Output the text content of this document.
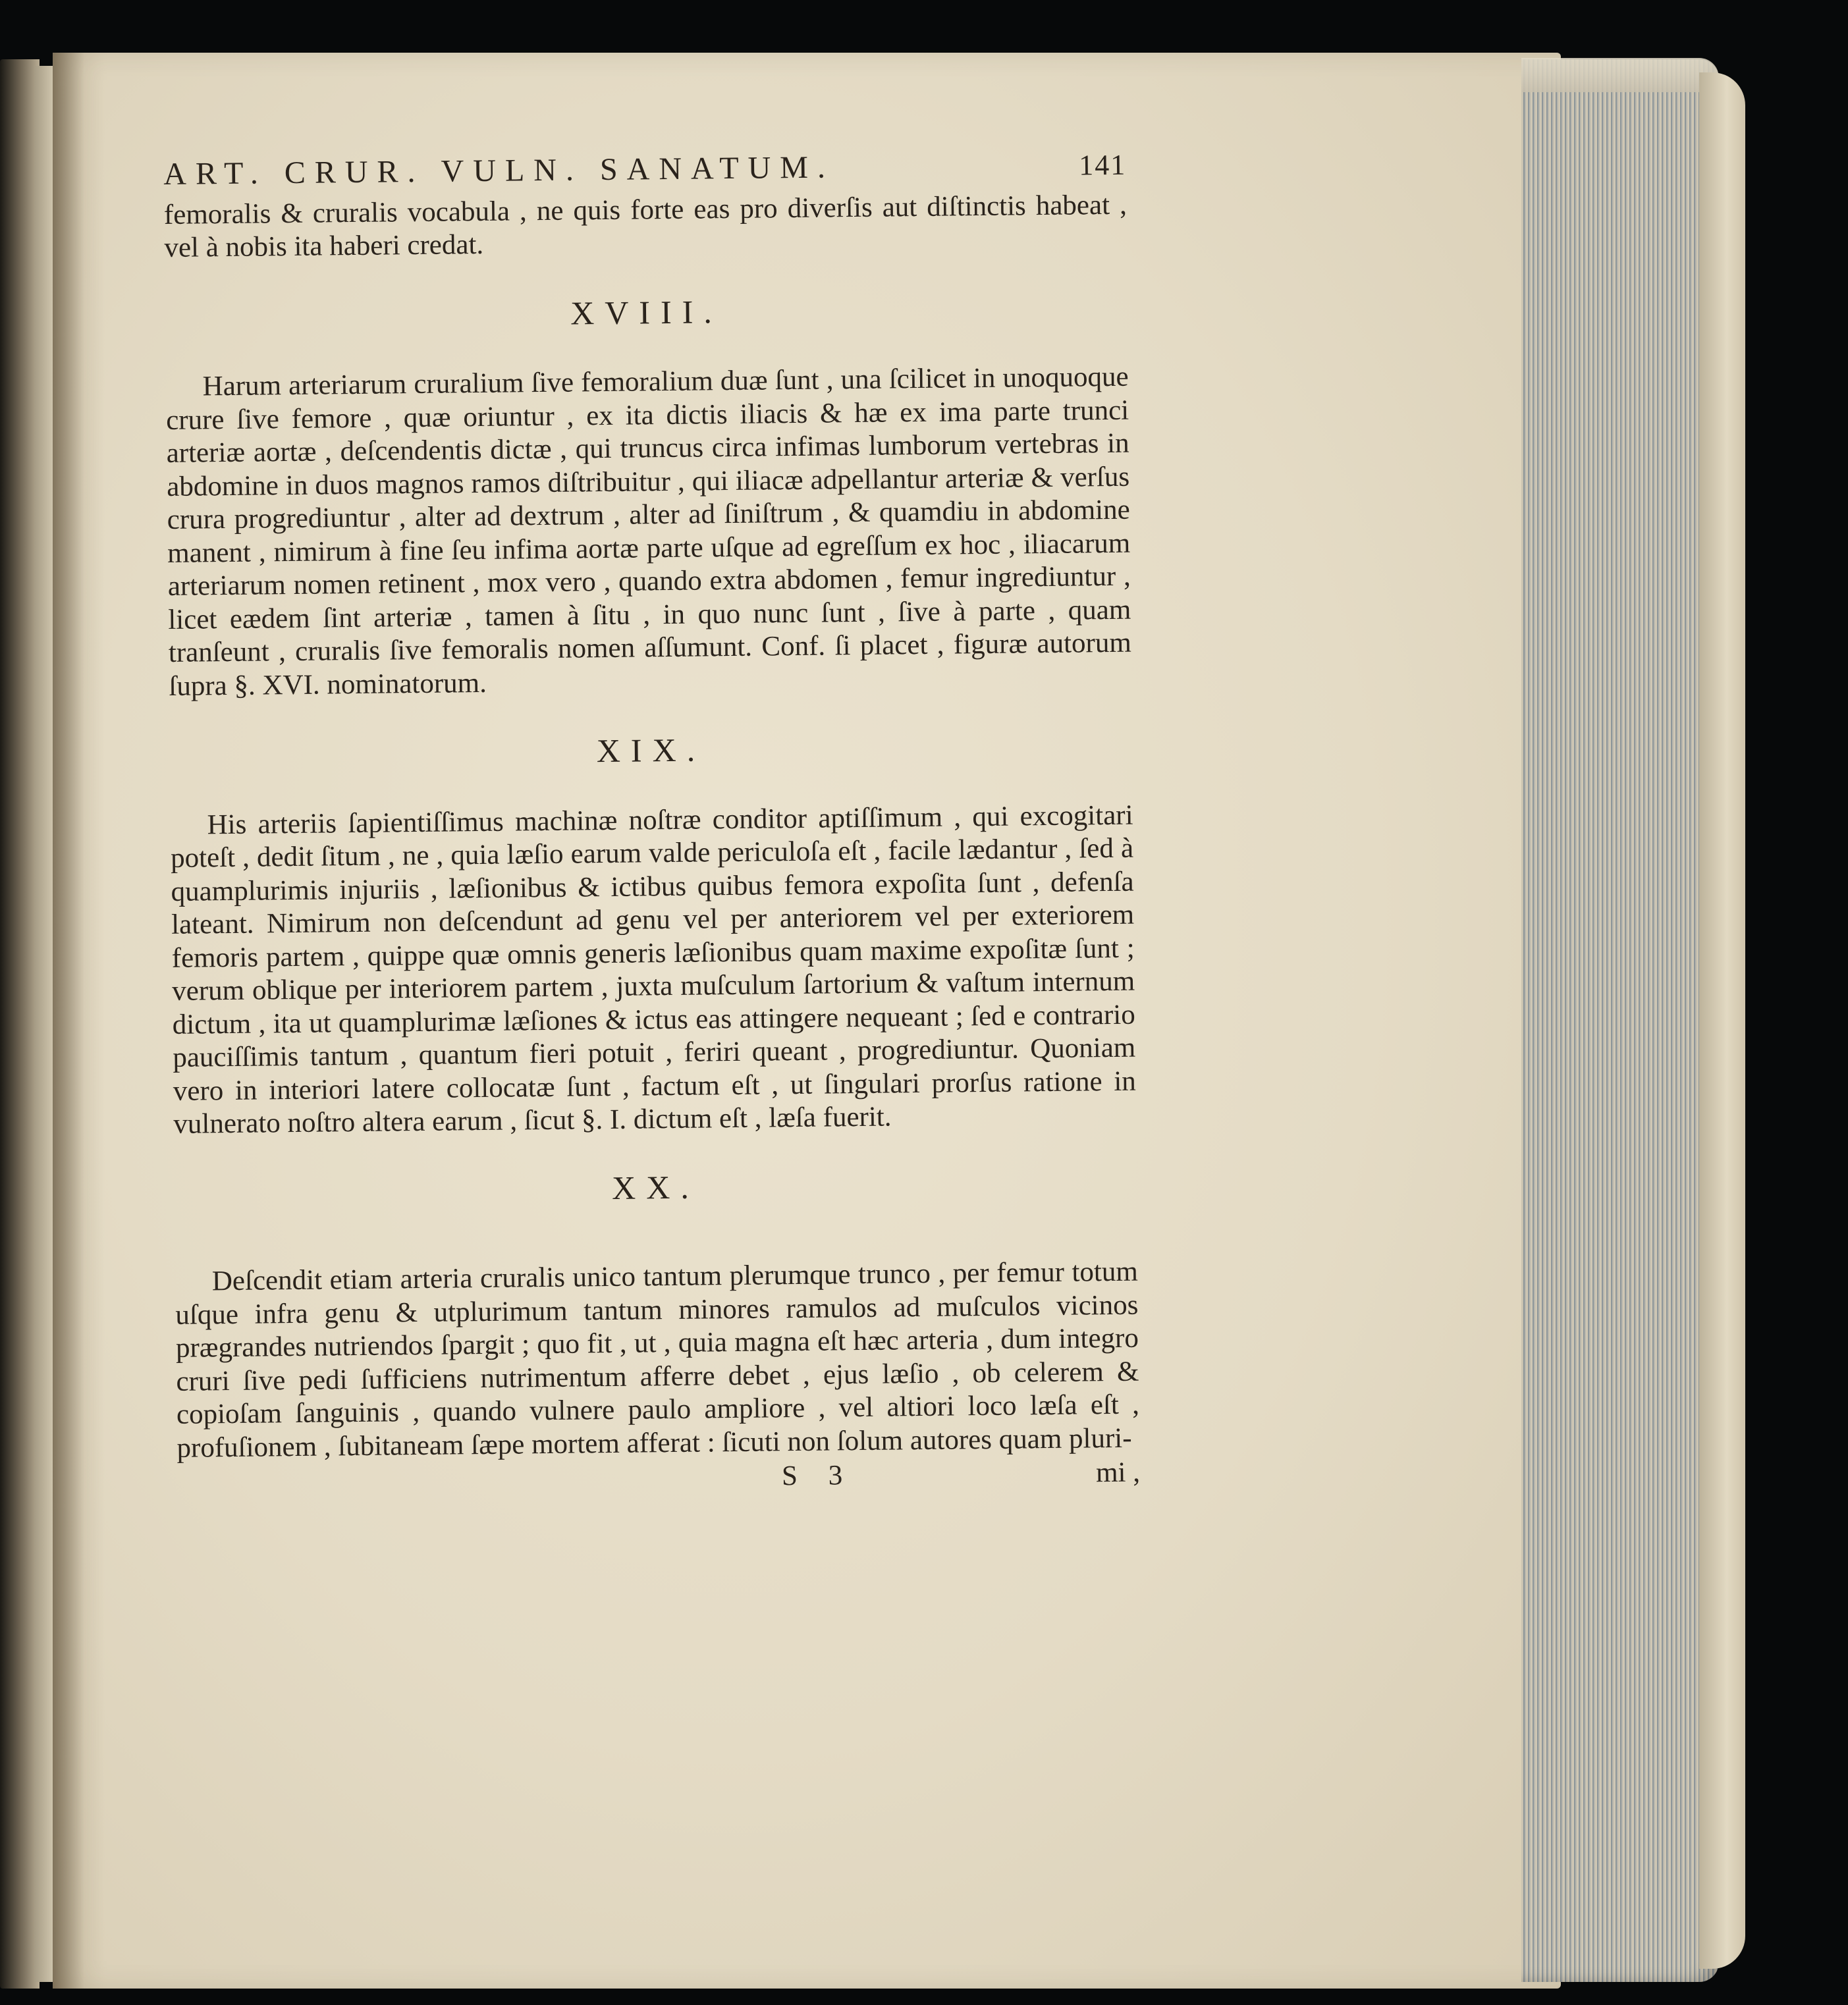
ART. CRUR. VULN. SANATUM.	141

femoralis & cruralis vocabula , ne quis forte eas pro diverſis aut diſtinctis habeat , vel à nobis ita haberi credat.

XVIII.

Harum arteriarum cruralium ſive femoralium duæ ſunt , una ſcilicet in unoquoque crure ſive femore , quæ oriuntur , ex ita dictis iliacis & hæ ex ima parte trunci arteriæ aortæ , deſcendentis dictæ , qui truncus circa infimas lumborum vertebras in abdomine in duos magnos ramos diſtribuitur , qui iliacæ adpellantur arteriæ & verſus crura progrediuntur , alter ad dextrum , alter ad ſiniſtrum , & quamdiu in abdomine manent , nimirum à fine ſeu infima aortæ parte uſque ad egreſſum ex hoc , iliacarum arteriarum nomen retinent , mox vero , quando extra abdomen , femur ingrediuntur , licet eædem ſint arteriæ , tamen à ſitu , in quo nunc ſunt , ſive à parte , quam tranſeunt , cruralis ſive femoralis nomen aſſumunt. Conf. ſi placet , figuræ autorum ſupra §. XVI. nominatorum.

XIX.

His arteriis ſapientiſſimus machinæ noſtræ conditor aptiſſimum , qui excogitari poteſt , dedit ſitum , ne , quia læſio earum valde periculoſa eſt , facile lædantur , ſed à quamplurimis injuriis , læſionibus & ictibus quibus femora expoſita ſunt , defenſa lateant. Nimirum non deſcendunt ad genu vel per anteriorem vel per exteriorem femoris partem , quippe quæ omnis generis læſionibus quam maxime expoſitæ ſunt ; verum oblique per interiorem partem , juxta muſculum ſartorium & vaſtum internum dictum , ita ut quamplurimæ læſiones & ictus eas attingere nequeant ; ſed e contrario pauciſſimis tantum , quantum fieri potuit , feriri queant , progrediuntur. Quoniam vero in interiori latere collocatæ ſunt , factum eſt , ut ſingulari prorſus ratione in vulnerato noſtro altera earum , ſicut §. I. dictum eſt , læſa fuerit.

XX.

Deſcendit etiam arteria cruralis unico tantum plerumque trunco , per femur totum uſque infra genu & utplurimum tantum minores ramulos ad muſculos vicinos prægrandes nutriendos ſpargit ; quo fit , ut , quia magna eſt hæc arteria , dum integro cruri ſive pedi ſufficiens nutrimentum afferre debet , ejus læſio , ob celerem & copioſam ſanguinis , quando vulnere paulo ampliore , vel altiori loco læſa eſt , profuſionem , ſubitaneam ſæpe mortem afferat : ſicuti non ſolum autores quam pluri-

S 3	mi ,
